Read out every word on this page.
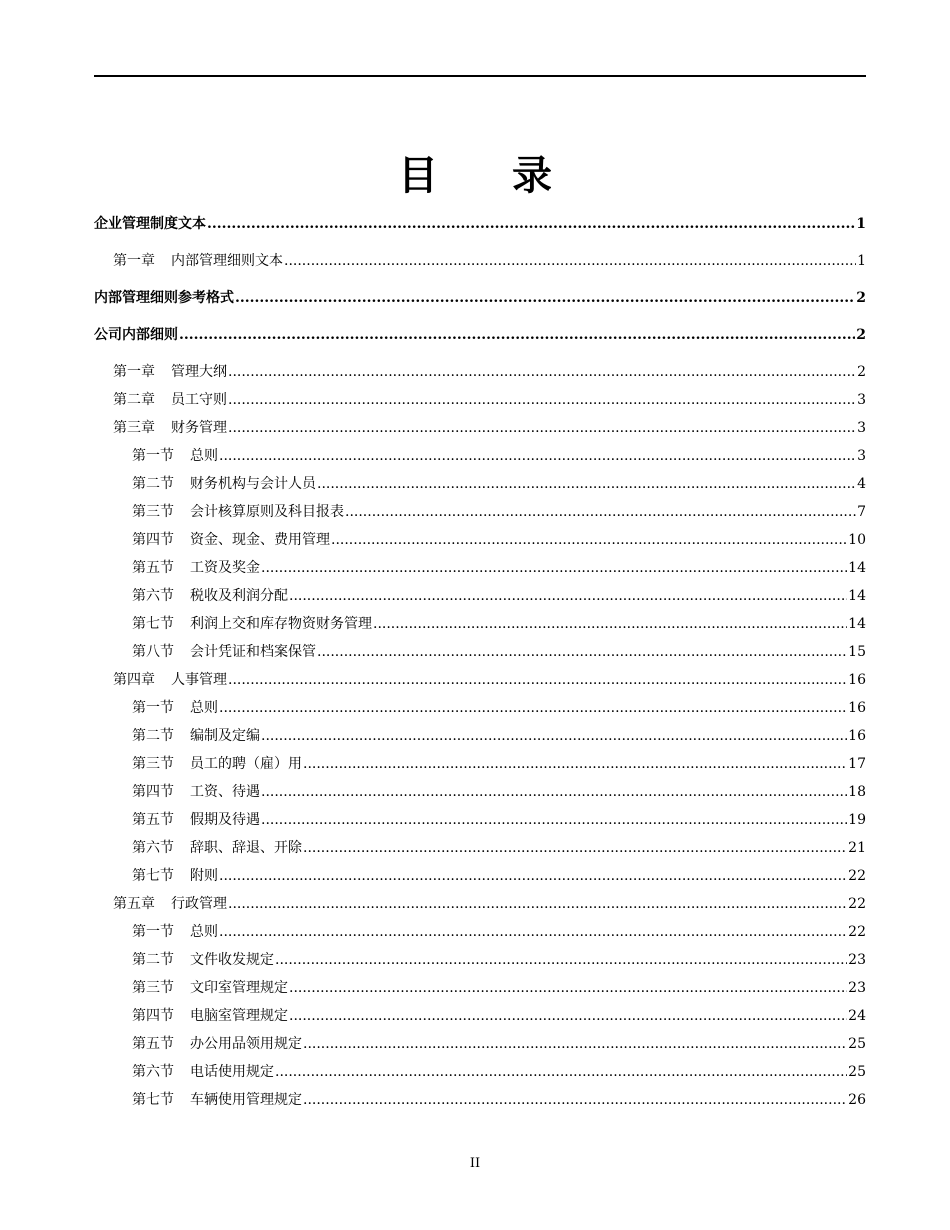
目 录
企业管理制度文本 .....	1
第一章 内部管理细则文本 .....	1
内部管理细则参考格式 .....	2
公司内部细则 .....	2
第一章 管理大纲 .....	2
第二章 员工守则 .....	3
第三章 财务管理 .....	3
第一节 总则 .....	3
第二节 财务机构与会计人员 .....	4
第三节 会计核算原则及科目报表 .....	7
第四节 资金、现金、费用管理 .....	10
第五节 工资及奖金 .....	14
第六节 税收及利润分配 .....	14
第七节 利润上交和库存物资财务管理 .....	14
第八节 会计凭证和档案保管 .....	15
第四章 人事管理 .....	16
第一节 总则 .....	16
第二节 编制及定编 .....	16
第三节 员工的聘（雇）用 .....	17
第四节 工资、待遇 .....	18
第五节 假期及待遇 .....	19
第六节 辞职、辞退、开除 .....	21
第七节 附则 .....	22
第五章 行政管理 .....	22
第一节 总则 .....	22
第二节 文件收发规定 .....	23
第三节 文印室管理规定 .....	23
第四节 电脑室管理规定 .....	24
第五节 办公用品领用规定 .....	25
第六节 电话使用规定 .....	25
第七节 车辆使用管理规定 .....	26
II
